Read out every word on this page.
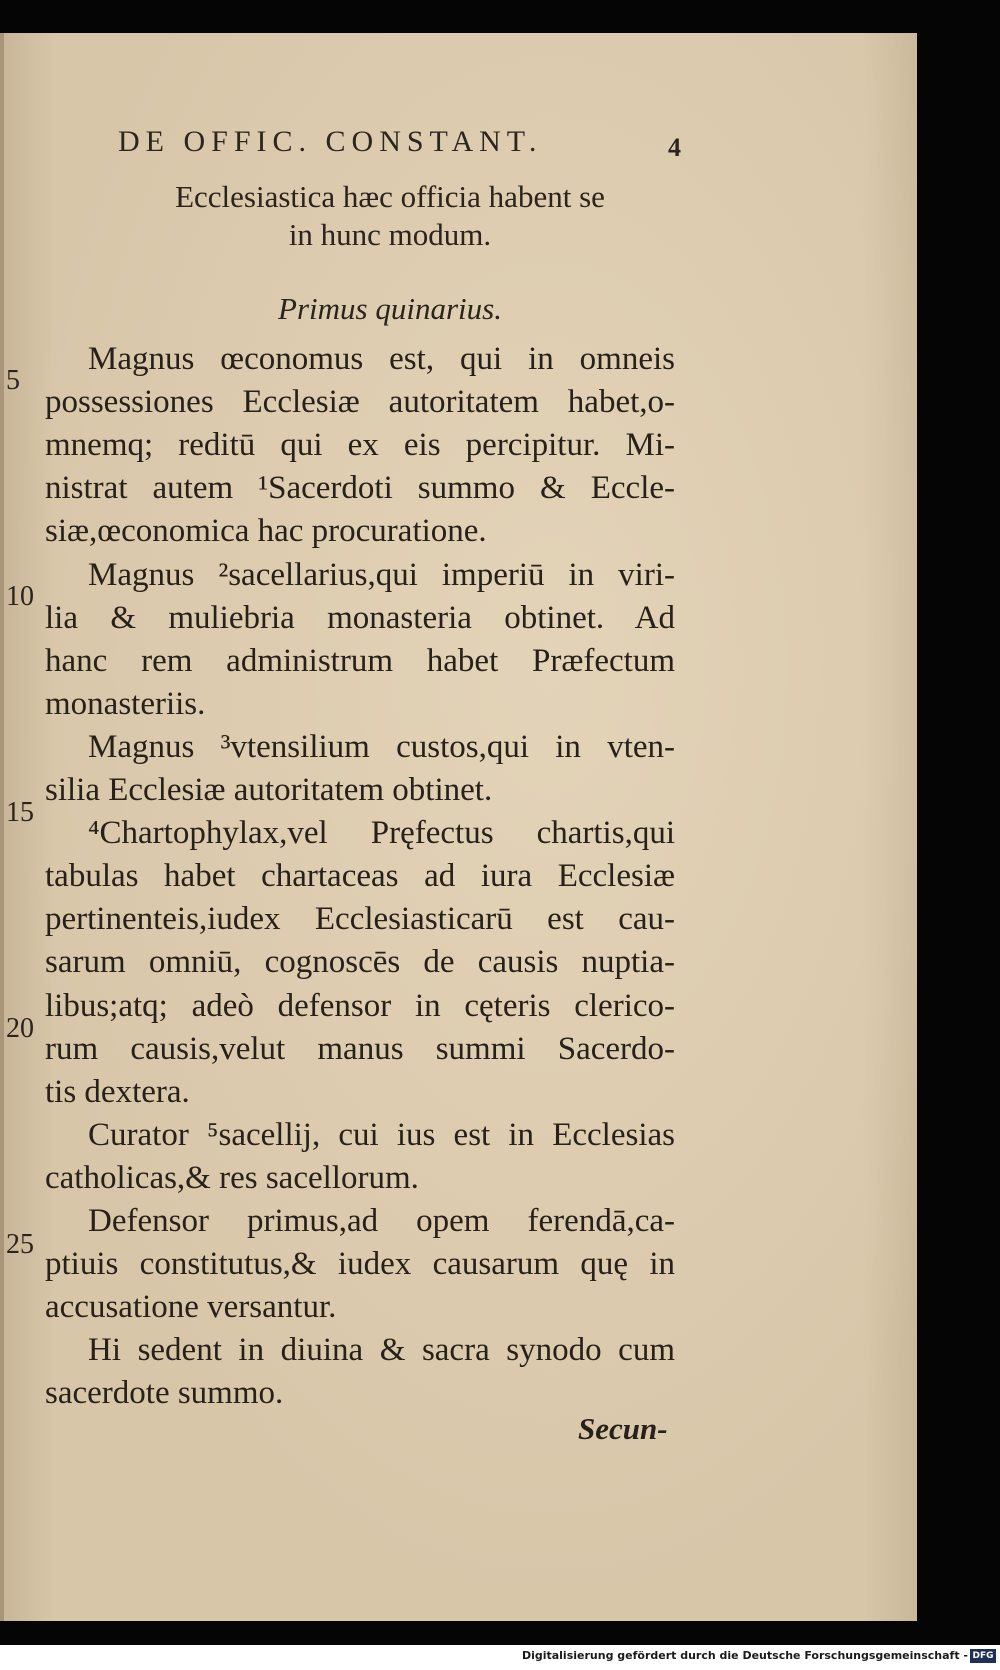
DE OFFIC. CONSTANT.	4
Ecclesiastica hæc officia habent se
in hunc modum.
Primus quinarius.
Magnus œconomus est, qui in omneis
possessiones Ecclesiæ autoritatem habet,o-
mnemq; reditū qui ex eis percipitur. Mi-
nistrat autem ¹Sacerdoti summo & Eccle-
siæ,œconomica hac procuratione.
Magnus ²sacellarius,qui imperiū in viri-
lia & muliebria monasteria obtinet. Ad
hanc rem administrum habet Præfectum
monasteriis.
Magnus ³vtensilium custos,qui in vten-
silia Ecclesiæ autoritatem obtinet.
⁴Chartophylax,vel Pręfectus chartis,qui
tabulas habet chartaceas ad iura Ecclesiæ
pertinenteis,iudex Ecclesiasticarū est cau-
sarum omniū, cognoscēs de causis nuptia-
libus;atq; adeò defensor in cęteris clerico-
rum causis,velut manus summi Sacerdo-
tis dextera.
Curator ⁵sacellij, cui ius est in Ecclesias
catholicas,& res sacellorum.
Defensor primus,ad opem ferendā,ca-
ptiuis constitutus,& iudex causarum quę in
accusatione versantur.
Hi sedent in diuina & sacra synodo cum
sacerdote summo.
Secun-
5
10
15
20
25
Digitalisierung gefördert durch die Deutsche Forschungsgemeinschaft - DFG
